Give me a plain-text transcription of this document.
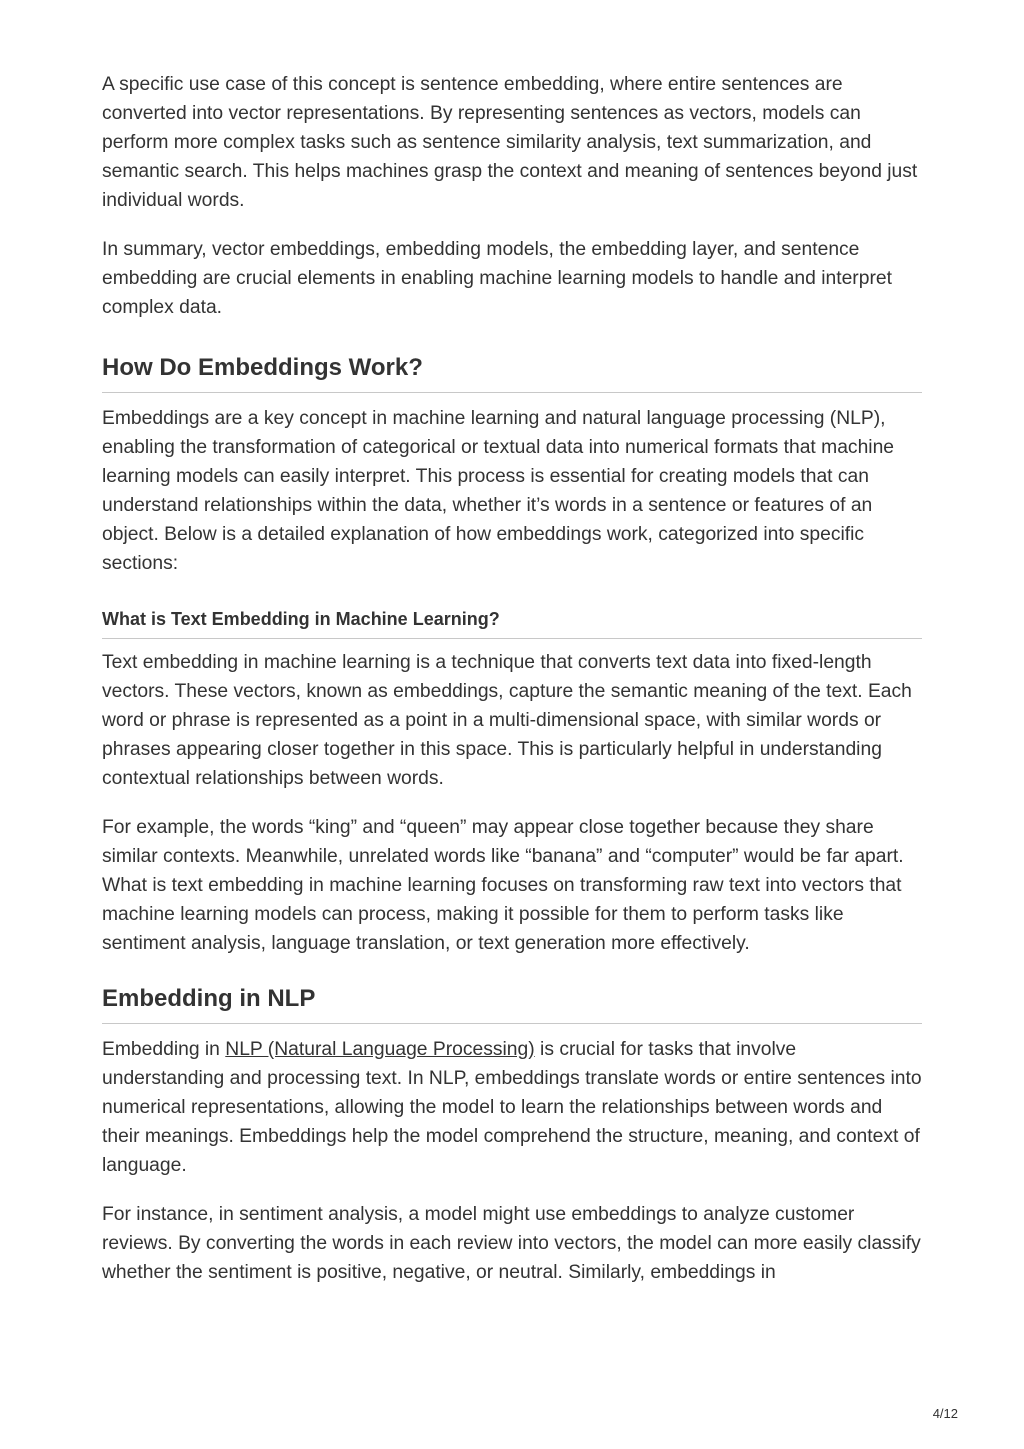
A specific use case of this concept is sentence embedding, where entire sentences are converted into vector representations. By representing sentences as vectors, models can perform more complex tasks such as sentence similarity analysis, text summarization, and semantic search. This helps machines grasp the context and meaning of sentences beyond just individual words.

In summary, vector embeddings, embedding models, the embedding layer, and sentence embedding are crucial elements in enabling machine learning models to handle and interpret complex data.

How Do Embeddings Work?

Embeddings are a key concept in machine learning and natural language processing (NLP), enabling the transformation of categorical or textual data into numerical formats that machine learning models can easily interpret. This process is essential for creating models that can understand relationships within the data, whether it’s words in a sentence or features of an object. Below is a detailed explanation of how embeddings work, categorized into specific sections:

What is Text Embedding in Machine Learning?

Text embedding in machine learning is a technique that converts text data into fixed-length vectors. These vectors, known as embeddings, capture the semantic meaning of the text. Each word or phrase is represented as a point in a multi-dimensional space, with similar words or phrases appearing closer together in this space. This is particularly helpful in understanding contextual relationships between words.

For example, the words “king” and “queen” may appear close together because they share similar contexts. Meanwhile, unrelated words like “banana” and “computer” would be far apart. What is text embedding in machine learning focuses on transforming raw text into vectors that machine learning models can process, making it possible for them to perform tasks like sentiment analysis, language translation, or text generation more effectively.

Embedding in NLP

Embedding in NLP (Natural Language Processing) is crucial for tasks that involve understanding and processing text. In NLP, embeddings translate words or entire sentences into numerical representations, allowing the model to learn the relationships between words and their meanings. Embeddings help the model comprehend the structure, meaning, and context of language.

For instance, in sentiment analysis, a model might use embeddings to analyze customer reviews. By converting the words in each review into vectors, the model can more easily classify whether the sentiment is positive, negative, or neutral. Similarly, embeddings in

4/12
